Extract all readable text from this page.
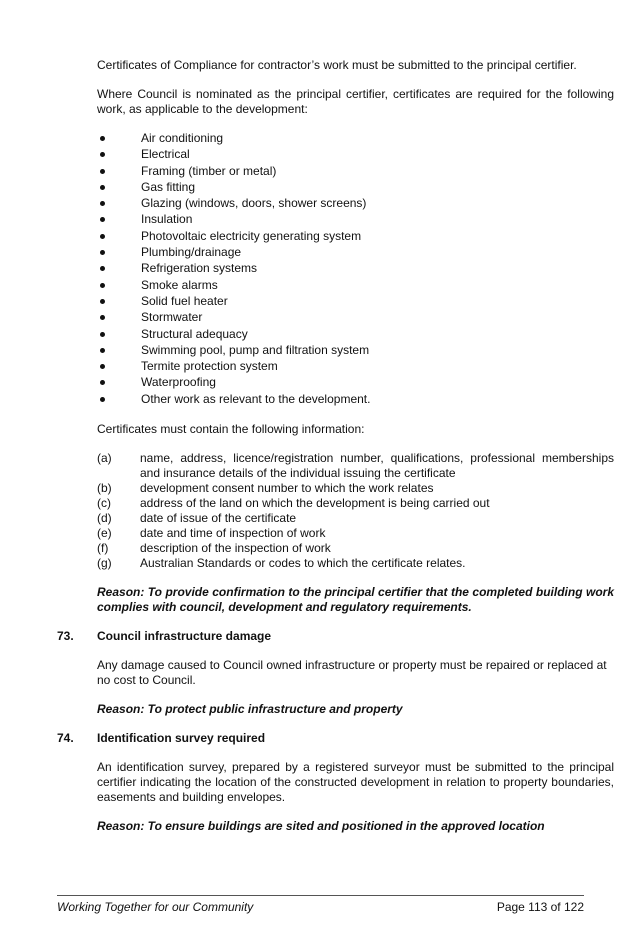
Certificates of Compliance for contractor’s work must be submitted to the principal certifier.

Where Council is nominated as the principal certifier, certificates are required for the following work, as applicable to the development:

Air conditioning
Electrical
Framing (timber or metal)
Gas fitting
Glazing (windows, doors, shower screens)
Insulation
Photovoltaic electricity generating system
Plumbing/drainage
Refrigeration systems
Smoke alarms
Solid fuel heater
Stormwater
Structural adequacy
Swimming pool, pump and filtration system
Termite protection system
Waterproofing
Other work as relevant to the development.

Certificates must contain the following information:

(a) name, address, licence/registration number, qualifications, professional memberships and insurance details of the individual issuing the certificate
(b) development consent number to which the work relates
(c) address of the land on which the development is being carried out
(d) date of issue of the certificate
(e) date and time of inspection of work
(f)	description of the inspection of work
(g) Australian Standards or codes to which the certificate relates.

Reason: To provide confirmation to the principal certifier that the completed building work complies with council, development and regulatory requirements.

73. Council infrastructure damage

Any damage caused to Council owned infrastructure or property must be repaired or replaced at no cost to Council.

Reason: To protect public infrastructure and property

74. Identification survey required

An identification survey, prepared by a registered surveyor must be submitted to the principal certifier indicating the location of the constructed development in relation to property boundaries, easements and building envelopes.

Reason: To ensure buildings are sited and positioned in the approved location

Working Together for our Community	Page 113 of 122
